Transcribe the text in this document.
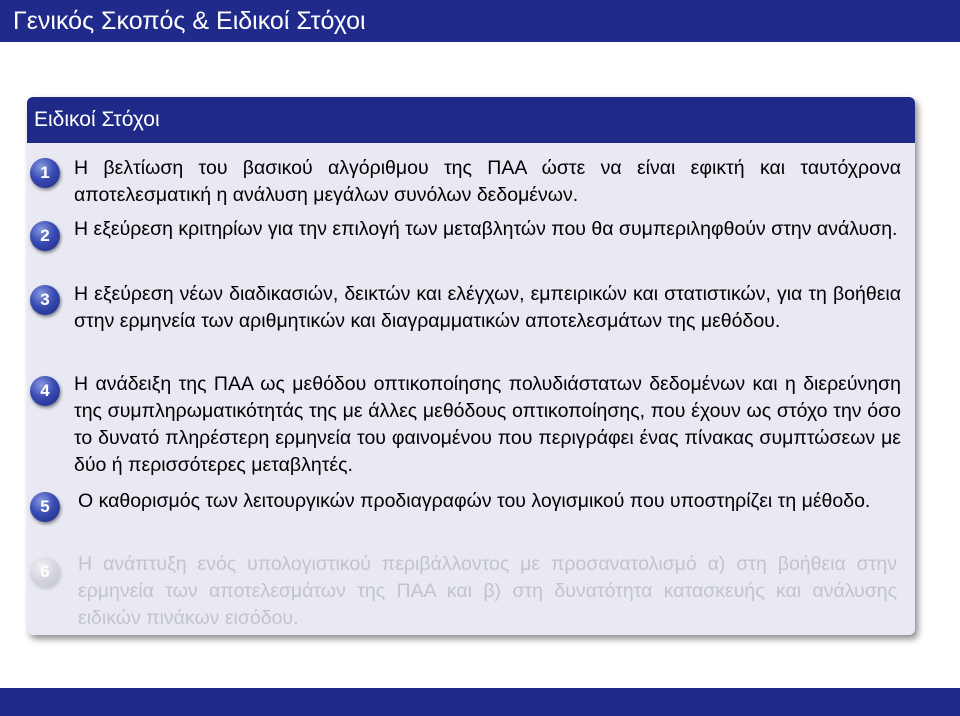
Γενικός Σκοπός & Ειδικοί Στόχοι
Ειδικοί Στόχοι
1	Η βελτίωση του βασικού αλγόριθμου της ΠΑΑ ώστε να είναι εφικτή και ταυτόχρονα αποτελεσματική η ανάλυση μεγάλων συνόλων δεδομένων.
2	Η εξεύρεση κριτηρίων για την επιλογή των μεταβλητών που θα συμπεριληφθούν στην ανάλυση.
3	Η εξεύρεση νέων διαδικασιών, δεικτών και ελέγχων, εμπειρικών και στατιστικών, για τη βοήθεια στην ερμηνεία των αριθμητικών και διαγραμματικών αποτελεσμάτων της μεθόδου.
4	Η ανάδειξη της ΠΑΑ ως μεθόδου οπτικοποίησης πολυδιάστατων δεδομένων και η διερεύνηση της συμπληρωματικότητάς της με άλλες μεθόδους οπτικοποίησης, που έχουν ως στόχο την όσο το δυνατό πληρέστερη ερμηνεία του φαινομένου που περιγράφει ένας πίνακας συμπτώσεων με δύο ή περισσότερες μεταβλητές.
5	Ο καθορισμός των λειτουργικών προδιαγραφών του λογισμικού που υποστηρίζει τη μέθοδο.
6	Η ανάπτυξη ενός υπολογιστικού περιβάλλοντος με προσανατολισμό α) στη βοήθεια στην ερμηνεία των αποτελεσμάτων της ΠΑΑ και β) στη δυνατότητα κατασκευής και ανάλυσης ειδικών πινάκων εισόδου.
